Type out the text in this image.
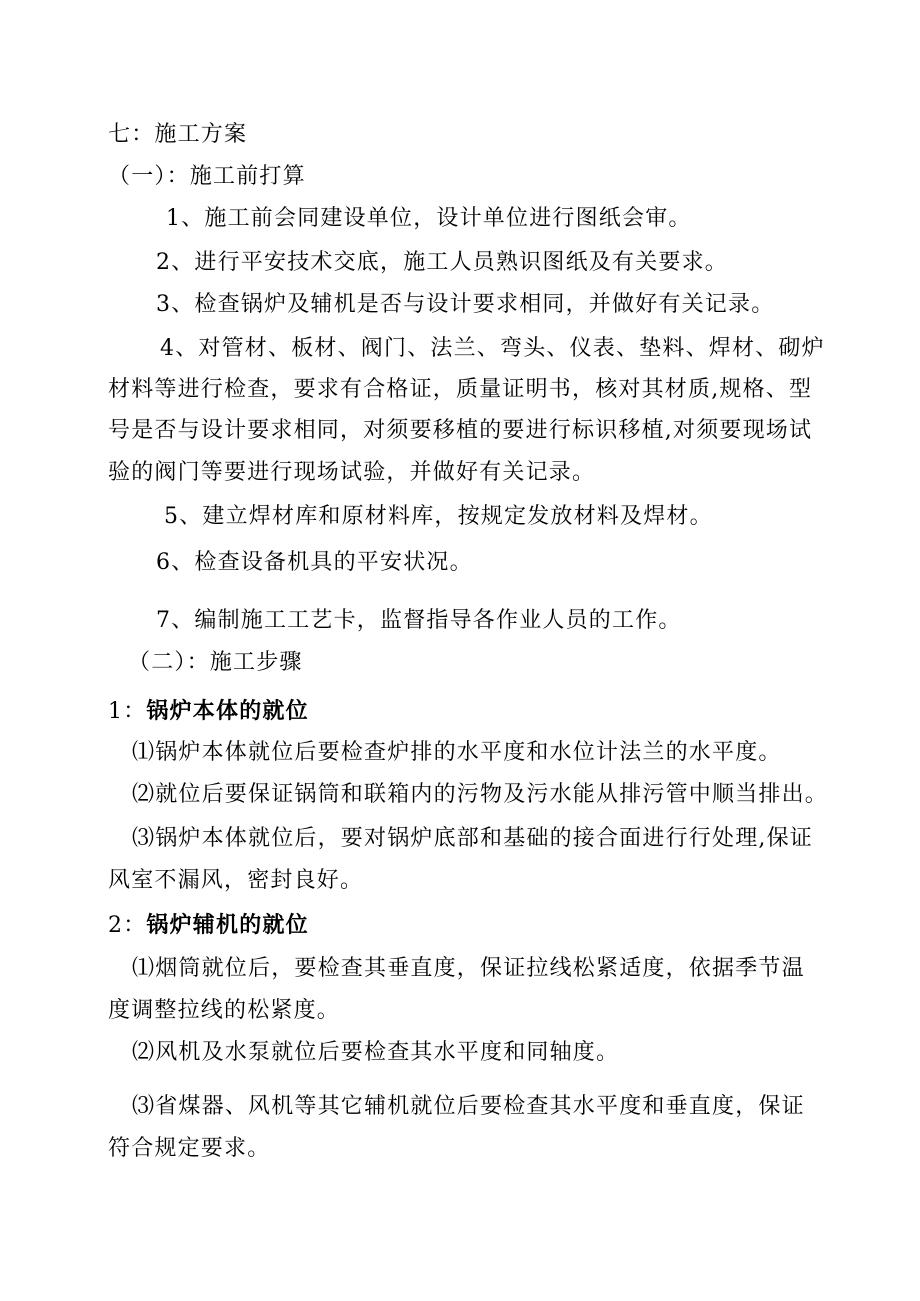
七：施工方案
（一）：施工前打算
1、施工前会同建设单位，设计单位进行图纸会审。
2、进行平安技术交底，施工人员熟识图纸及有关要求。
3、检查锅炉及辅机是否与设计要求相同，并做好有关记录。
4、对管材、板材、阀门、法兰、弯头、仪表、垫料、焊材、砌炉
材料等进行检查，要求有合格证，质量证明书，核对其材质,规格、型
号是否与设计要求相同，对须要移植的要进行标识移植,对须要现场试
验的阀门等要进行现场试验，并做好有关记录。
5、建立焊材库和原材料库，按规定发放材料及焊材。
6、检查设备机具的平安状况。
7、编制施工工艺卡，监督指导各作业人员的工作。
（二）：施工步骤
1：锅炉本体的就位
⑴锅炉本体就位后要检查炉排的水平度和水位计法兰的水平度。
⑵就位后要保证锅筒和联箱内的污物及污水能从排污管中顺当排出。
⑶锅炉本体就位后，要对锅炉底部和基础的接合面进行行处理,保证
风室不漏风，密封良好。
2：锅炉辅机的就位
⑴烟筒就位后，要检查其垂直度，保证拉线松紧适度，依据季节温
度调整拉线的松紧度。
⑵风机及水泵就位后要检查其水平度和同轴度。
⑶省煤器、风机等其它辅机就位后要检查其水平度和垂直度，保证
符合规定要求。
